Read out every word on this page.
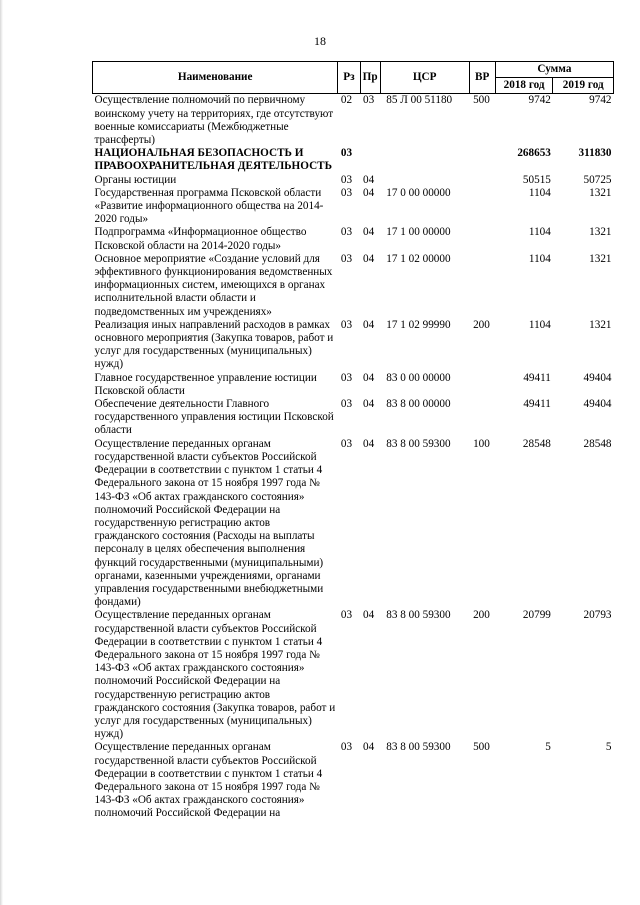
18
Наименование	Рз	Пр	ЦСР	ВР	Сумма	
					2018 год	2019 год
Осуществление полномочий по первичному воинскому учету на территориях, где отсутствуют военные комиссариаты (Межбюджетные трансферты)	02	03	85 Л 00 51180	500	9742	9742
НАЦИОНАЛЬНАЯ БЕЗОПАСНОСТЬ И ПРАВООХРАНИТЕЛЬНАЯ ДЕЯТЕЛЬНОСТЬ	03				268653	311830
Органы юстиции	03	04			50515	50725
Государственная программа Псковской области «Развитие информационного общества на 2014-2020 годы»	03	04	17 0 00 00000		1104	1321
Подпрограмма «Информационное общество Псковской области на 2014-2020 годы»	03	04	17 1 00 00000		1104	1321
Основное мероприятие «Создание условий для эффективного функционирования ведомственных информационных систем, имеющихся в органах исполнительной власти области и подведомственных им учреждениях»	03	04	17 1 02 00000		1104	1321
Реализация иных направлений расходов в рамках основного мероприятия (Закупка товаров, работ и услуг для государственных (муниципальных) нужд)	03	04	17 1 02 99990	200	1104	1321
Главное государственное управление юстиции Псковской области	03	04	83 0 00 00000		49411	49404
Обеспечение деятельности Главного государственного управления юстиции Псковской области	03	04	83 8 00 00000		49411	49404
Осуществление переданных органам государственной власти субъектов Российской Федерации в соответствии с пунктом 1 статьи 4 Федерального закона от 15 ноября 1997 года № 143-ФЗ «Об актах гражданского состояния» полномочий Российской Федерации на государственную регистрацию актов гражданского состояния (Расходы на выплаты персоналу в целях обеспечения выполнения функций государственными (муниципальными) органами, казенными учреждениями, органами управления государственными внебюджетными фондами)	03	04	83 8 00 59300	100	28548	28548
Осуществление переданных органам государственной власти субъектов Российской Федерации в соответствии с пунктом 1 статьи 4 Федерального закона от 15 ноября 1997 года № 143-ФЗ «Об актах гражданского состояния» полномочий Российской Федерации на государственную регистрацию актов гражданского состояния (Закупка товаров, работ и услуг для государственных (муниципальных) нужд)	03	04	83 8 00 59300	200	20799	20793
Осуществление переданных органам государственной власти субъектов Российской Федерации в соответствии с пунктом 1 статьи 4 Федерального закона от 15 ноября 1997 года № 143-ФЗ «Об актах гражданского состояния» полномочий Российской Федерации на	03	04	83 8 00 59300	500	5	5
